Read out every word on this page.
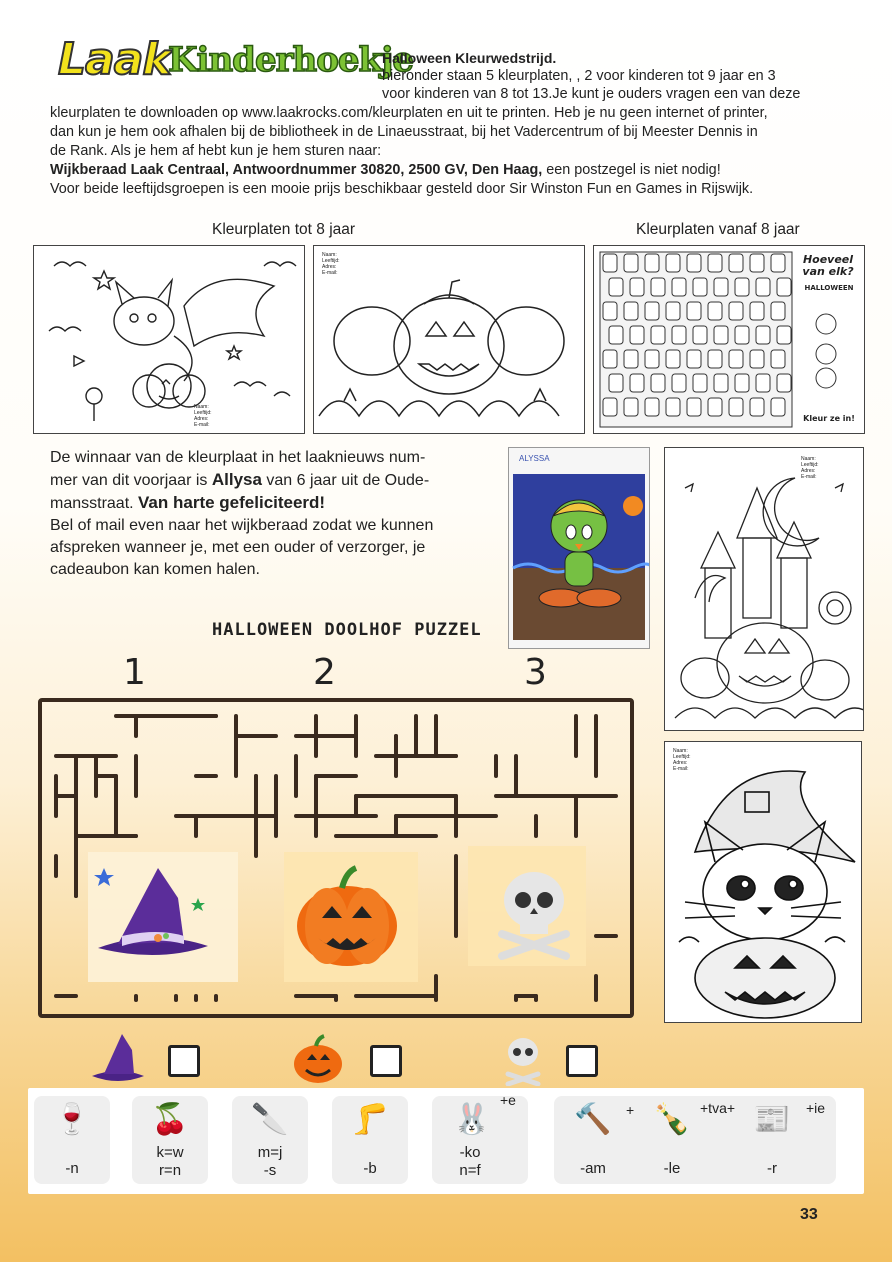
Laak
Kinderhoekje
Halloween Kleurwedstrijd.
hieronder staan 5 kleurplaten, , 2 voor kinderen tot 9 jaar en 3
voor kinderen van 8 tot 13.Je kunt je ouders vragen een van deze
kleurplaten te downloaden op www.laakrocks.com/kleurplaten en uit te printen. Heb je nu geen internet of printer,
dan kun je hem ook afhalen bij de bibliotheek in de Linaeusstraat, bij het Vadercentrum of bij Meester Dennis in
de Rank. Als je hem af hebt kun je hem sturen naar:
Wijkberaad Laak Centraal, Antwoordnummer 30820, 2500 GV, Den Haag, een postzegel is niet nodig!
Voor beide leeftijdsgroepen is een mooie prijs beschikbaar gesteld door Sir Winston Fun en Games in Rijswijk.
Kleurplaten tot 8 jaar	Kleurplaten vanaf 8 jaar
Naam:
Leeftijd:
Adres:
E-mail:
Naam:
Leeftijd:
Adres:
E-mail:
Hoeveel van elk?
HALLOWEEN
Kleur ze in!
De winnaar van de kleurplaat in het laaknieuws num-
mer van dit voorjaar is Allysa van 6 jaar uit de Oude-
mansstraat. Van harte gefeliciteerd!
Bel of mail even naar het wijkberaad zodat we kunnen
afspreken wanneer je, met een ouder of verzorger, je
cadeaubon kan komen halen.
ALYSSA	Naam:
Leeftijd:
Adres:
E-mail:
Naam:
Leeftijd:
Adres:
E-mail:
HALLOWEEN DOOLHOF PUZZEL
1	2	3
🍷
-n
🍒
k=w
r=n
🔪
m=j
-s
🦵
-b
🐰
-ko
n=f
+e
🔨
-am
+ 🍾
-le
+tva+ 📰
-r
+ie
33
